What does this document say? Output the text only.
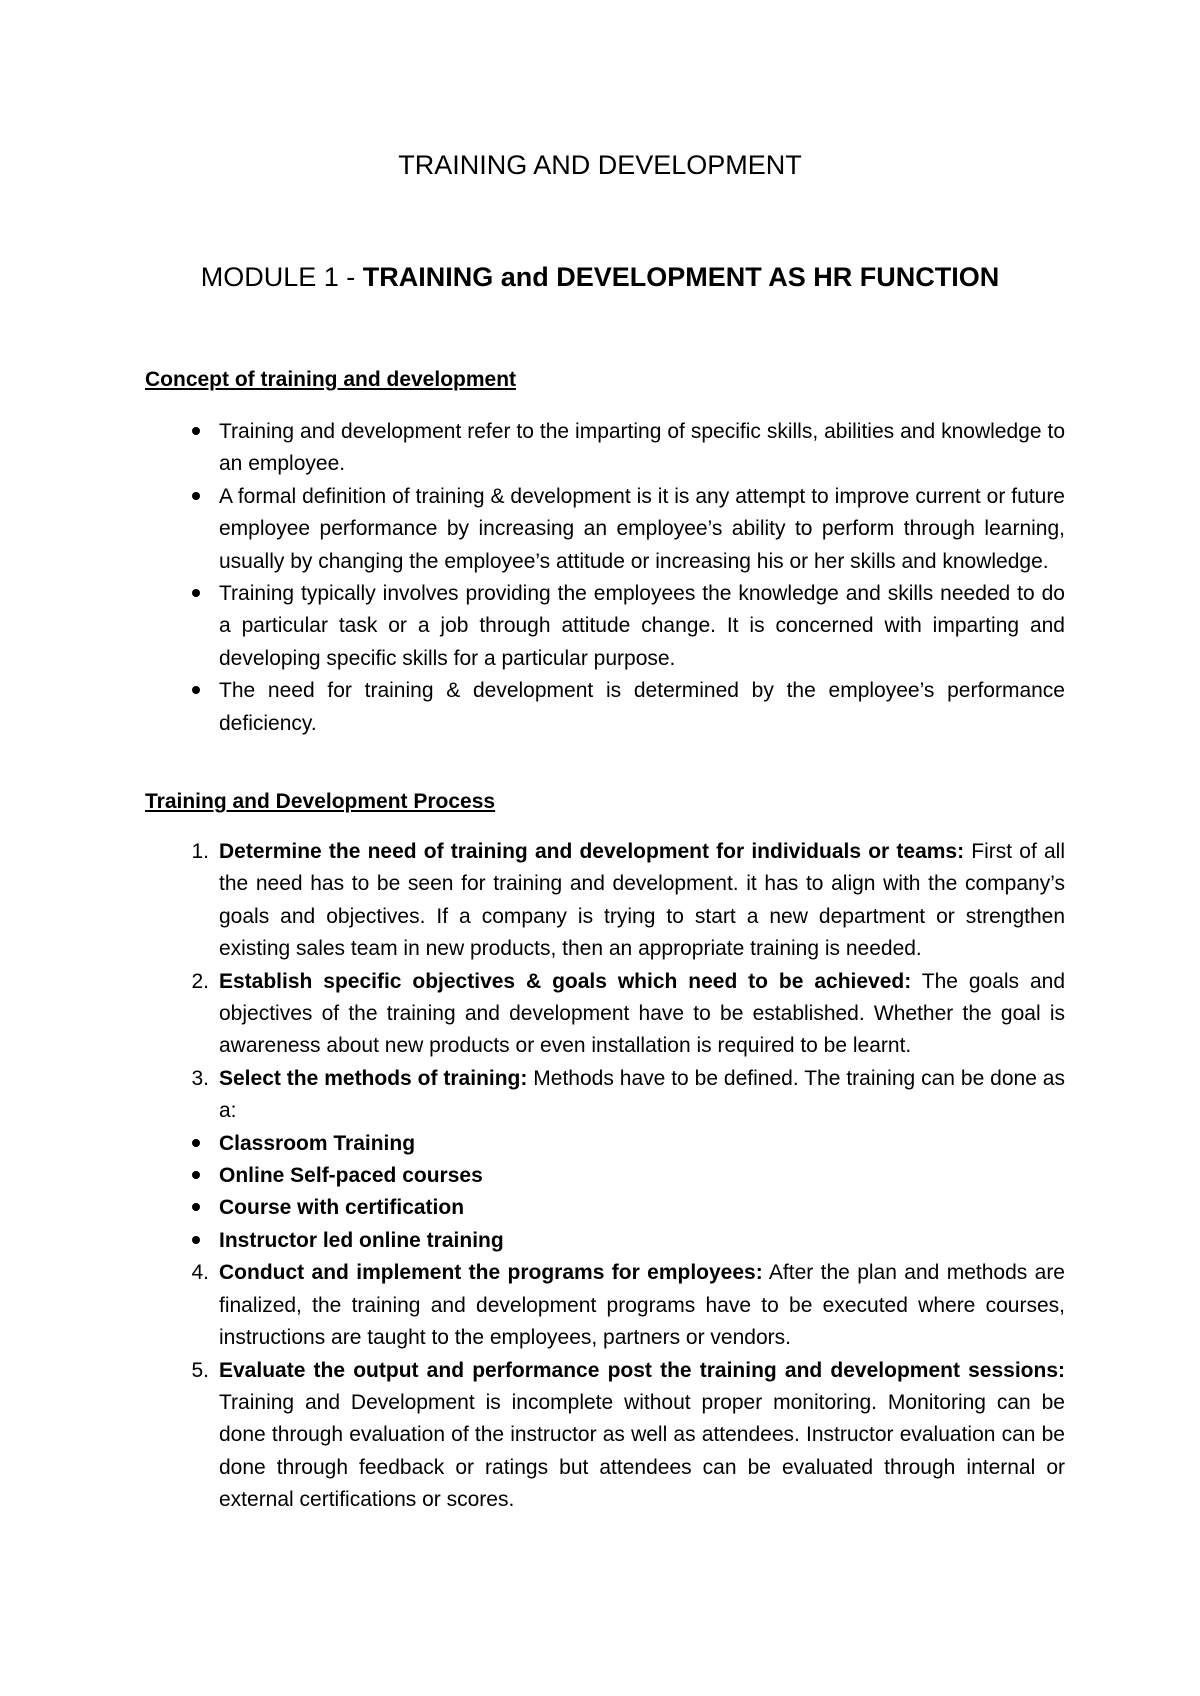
TRAINING AND DEVELOPMENT
MODULE 1 - TRAINING and DEVELOPMENT AS HR FUNCTION
Concept of training and development
Training and development refer to the imparting of specific skills, abilities and knowledge to an employee.
A formal definition of training & development is it is any attempt to improve current or future employee performance by increasing an employee’s ability to perform through learning, usually by changing the employee’s attitude or increasing his or her skills and knowledge.
Training typically involves providing the employees the knowledge and skills needed to do a particular task or a job through attitude change. It is concerned with imparting and developing specific skills for a particular purpose.
The need for training & development is determined by the employee’s performance deficiency.
Training and Development Process
1. Determine the need of training and development for individuals or teams: First of all the need has to be seen for training and development. it has to align with the company’s goals and objectives. If a company is trying to start a new department or strengthen existing sales team in new products, then an appropriate training is needed.
2. Establish specific objectives & goals which need to be achieved: The goals and objectives of the training and development have to be established. Whether the goal is awareness about new products or even installation is required to be learnt.
3. Select the methods of training: Methods have to be defined. The training can be done as a:
Classroom Training
Online Self-paced courses
Course with certification
Instructor led online training
4. Conduct and implement the programs for employees: After the plan and methods are finalized, the training and development programs have to be executed where courses, instructions are taught to the employees, partners or vendors.
5. Evaluate the output and performance post the training and development sessions: Training and Development is incomplete without proper monitoring. Monitoring can be done through evaluation of the instructor as well as attendees. Instructor evaluation can be done through feedback or ratings but attendees can be evaluated through internal or external certifications or scores.
